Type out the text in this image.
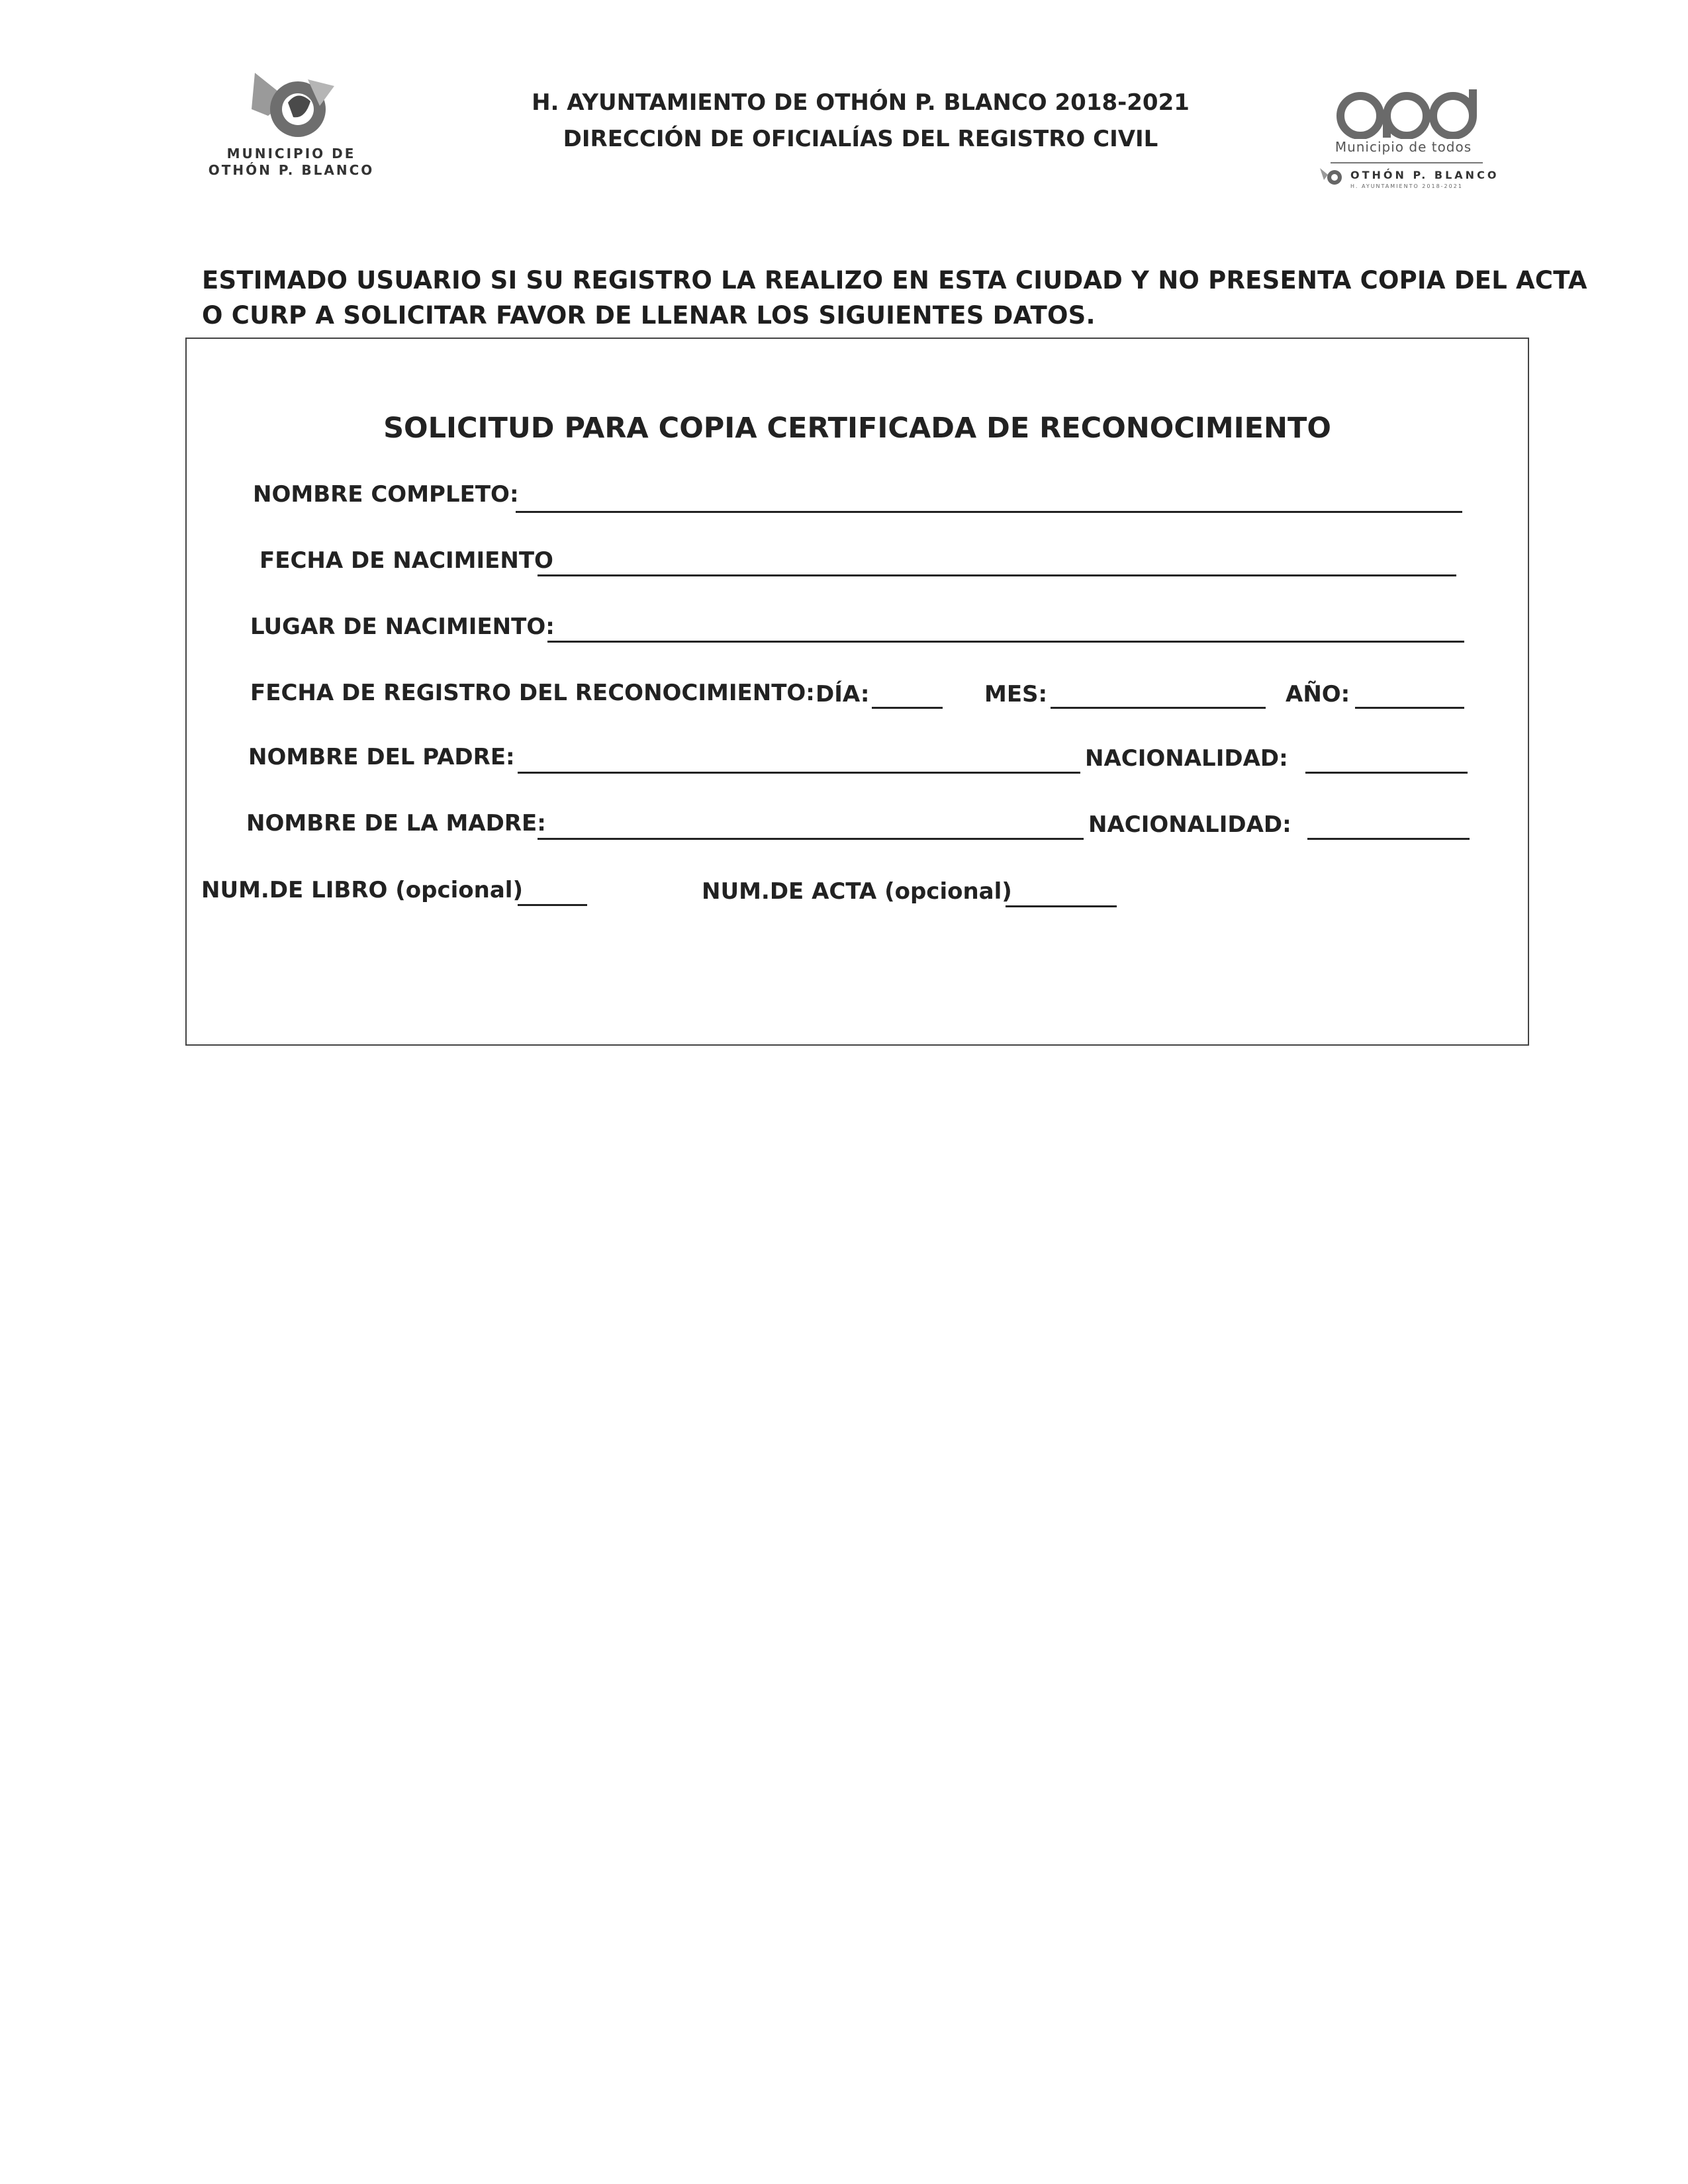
MUNICIPIO DE
OTHÓN P. BLANCO
H. AYUNTAMIENTO DE OTHÓN P. BLANCO 2018-2021
DIRECCIÓN DE OFICIALÍAS DEL REGISTRO CIVIL	Municipio de todos
OTHÓN P. BLANCO
H. AYUNTAMIENTO 2018-2021
ESTIMADO USUARIO SI SU REGISTRO LA REALIZO EN ESTA CIUDAD Y NO PRESENTA COPIA DEL ACTA
O CURP A SOLICITAR FAVOR DE LLENAR LOS SIGUIENTES DATOS.
SOLICITUD PARA COPIA CERTIFICADA DE RECONOCIMIENTO
NOMBRE COMPLETO:
FECHA DE NACIMIENTO
LUGAR DE NACIMIENTO:
FECHA DE REGISTRO DEL RECONOCIMIENTO: DÍA:	MES:	AÑO:
NOMBRE DEL PADRE:	NACIONALIDAD:
NOMBRE DE LA MADRE:	NACIONALIDAD:
NUM.DE LIBRO (opcional)	NUM.DE ACTA (opcional)
